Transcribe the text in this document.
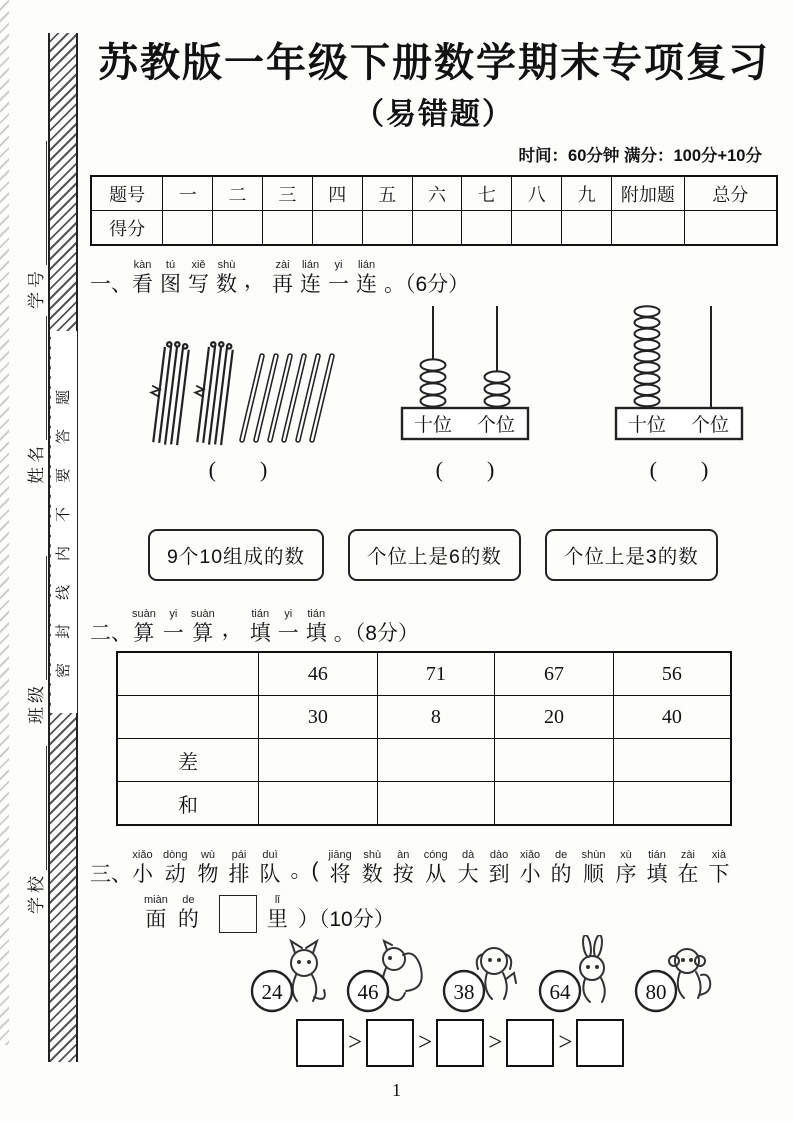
学号
姓名
班级
学校
密封线内不要答题
苏教版一年级下册数学期末专项复习
（易错题）
时间：60分钟 满分：100分+10分
题号	一	二	三	四	五	六	七	八	九	附加题	总分
得分											
一、
kàn
看
tú
图
xiě
写
shù
数 ，
zài
再
lián
连
yi
一
lián
连 。（6分）
(        )
十位 个位
(        )
十位 个位
(        )
9个10组成的数	个位上是6的数	个位上是3的数
二、
suàn
算
yi
一
suàn
算 ，
tián
填
yi
一
tián
填 。（8分）
	46	71	67	56
	30	8	20	40
差				
和				
三、
xiǎo
小
dòng
动
wù
物
pái
排
duì
队 。(
jiāng
将
shù
数
àn
按
cóng
从
dà
大
dào
到
xiǎo
小
de
的
shùn
顺
xù
序
tián
填
zài
在
xià
下
miàn
面
de
的
lǐ
里 ）（10分）
24	46	38	64	80
> > > >
1
